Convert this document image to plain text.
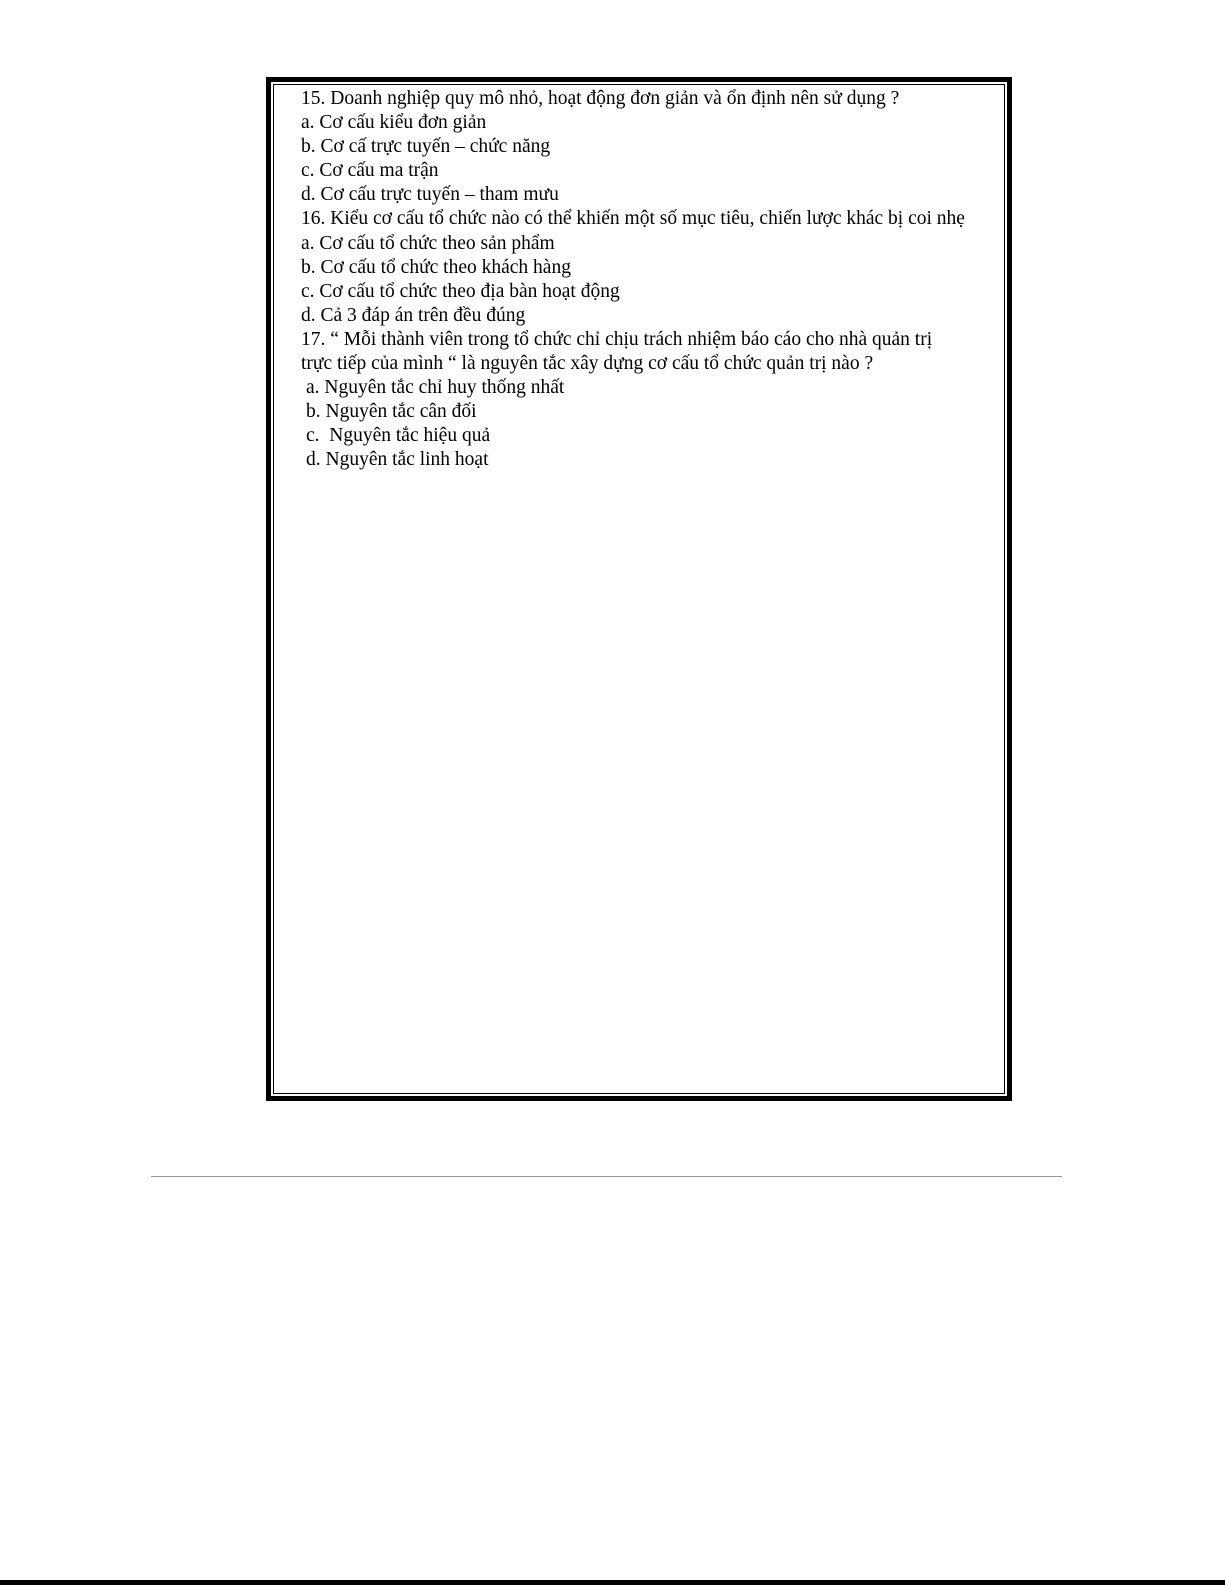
15. Doanh nghiệp quy mô nhỏ, hoạt động đơn giản và ổn định nên sử dụng ?
a. Cơ cấu kiểu đơn giản
b. Cơ cấ trực tuyến – chức năng
c. Cơ cấu ma trận
d. Cơ cấu trực tuyến – tham mưu
16. Kiểu cơ cấu tổ chức nào có thể khiến một số mục tiêu, chiến lược khác bị coi nhẹ
a. Cơ cấu tổ chức theo sản phẩm
b. Cơ cấu tổ chức theo khách hàng
c. Cơ cấu tổ chức theo địa bàn hoạt động
d. Cả 3 đáp án trên đều đúng
17. “ Mỗi thành viên trong tổ chức chỉ chịu trách nhiệm báo cáo cho nhà quản trị
trực tiếp của mình “ là nguyên tắc xây dựng cơ cấu tổ chức quản trị nào ?
a. Nguyên tắc chỉ huy thống nhất
b. Nguyên tắc cân đối
c.  Nguyên tắc hiệu quả
d. Nguyên tắc linh hoạt
